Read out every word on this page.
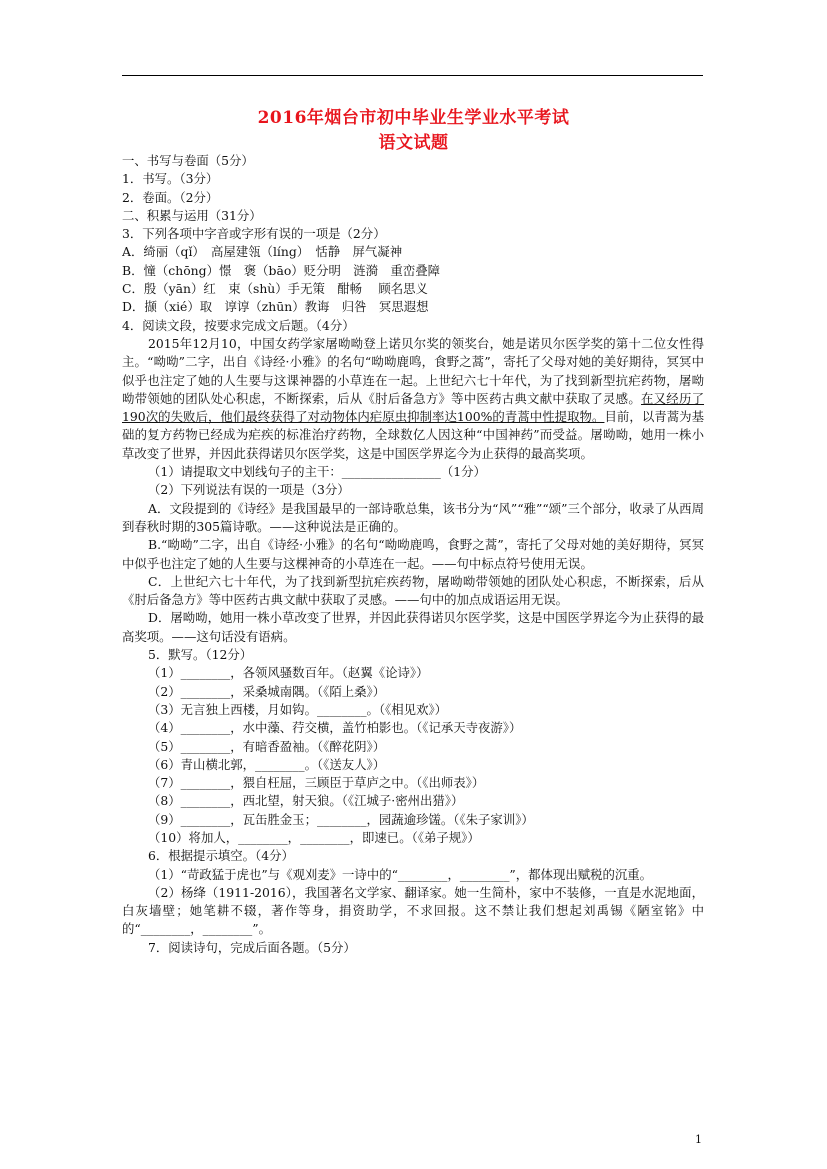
2016年烟台市初中毕业生学业水平考试
语文试题
一、书写与卷面（5分）
1．书写。（3分）
2．卷面。（2分）
二、积累与运用（31分）
3．下列各项中字音或字形有误的一项是（2分）
A．绮丽（qǐ）　高屋建瓴（líng）　恬静　屏气凝神
B．憧（chōng）憬　褒（bāo）贬分明　涟漪　重峦叠障
C．殷（yān）红　束（shù）手无策　酣畅　 顾名思义
D．撷（xié）取　谆谆（zhūn）教诲　归咎　冥思遐想
4．阅读文段，按要求完成文后题。（4分）
2015年12月10，中国女药学家屠呦呦登上诺贝尔奖的领奖台，她是诺贝尔医学奖的第十二位女性得主。“呦呦”二字，出自《诗经·小雅》的名句“呦呦鹿鸣，食野之蒿”，寄托了父母对她的美好期待，冥冥中似乎也注定了她的人生要与这课神器的小草连在一起。上世纪六七十年代，为了找到新型抗疟药物，屠呦呦带领她的团队处心积虑，不断探索，后从《肘后备急方》等中医药古典文献中获取了灵感。在又经历了190次的失败后，他们最终获得了对动物体内疟原虫抑制率达100%的青蒿中性提取物。目前，以青蒿为基础的复方药物已经成为疟疾的标准治疗药物，全球数亿人因这种“中国神药”而受益。屠呦呦，她用一株小草改变了世界，并因此获得诺贝尔医学奖，这是中国医学界迄今为止获得的最高奖项。
（1）请提取文中划线句子的主干：________________（1分）
（2）下列说法有误的一项是（3分）
A．文段提到的《诗经》是我国最早的一部诗歌总集，该书分为“风”“雅”“颂”三个部分，收录了从西周到春秋时期的305篇诗歌。——这种说法是正确的。
B.“呦呦”二字，出自《诗经·小雅》的名句“呦呦鹿鸣，食野之蒿”，寄托了父母对她的美好期待，冥冥中似乎也注定了她的人生要与这棵神奇的小草连在一起。——句中标点符号使用无误。
C．上世纪六七十年代，为了找到新型抗疟疾药物，屠呦呦带领她的团队处心积虑，不断探索，后从《肘后备急方》等中医药古典文献中获取了灵感。——句中的加点成语运用无误。
D．屠呦呦，她用一株小草改变了世界，并因此获得诺贝尔医学奖，这是中国医学界迄今为止获得的最高奖项。——这句话没有语病。
5．默写。（12分）
（1）________，各领风骚数百年。（赵翼《论诗》）
（2）________，采桑城南隅。（《陌上桑》）
（3）无言独上西楼，月如钩。________。（《相见欢》）
（4）________，水中藻、荇交横，盖竹柏影也。（《记承天寺夜游》）
（5）________，有暗香盈袖。（《醉花阴》）
（6）青山横北郭，________。（《送友人》）
（7）________，猥自枉屈，三顾臣于草庐之中。（《出师表》）
（8）________，西北望，射天狼。（《江城子·密州出猎》）
（9）________，瓦缶胜金玉；________，园蔬逾珍馐。（《朱子家训》）
（10）将加人，________，________，即速已。（《弟子规》）
6．根据提示填空。（4分）
（1）“苛政猛于虎也”与《观刈麦》一诗中的“________，________”，都体现出赋税的沉重。
（2）杨绛（1911-2016），我国著名文学家、翻译家。她一生简朴，家中不装修，一直是水泥地面，白灰墙壁；她笔耕不辍，著作等身，捐资助学，不求回报。这不禁让我们想起刘禹锡《陋室铭》中的“________，________”。
7．阅读诗句，完成后面各题。（5分）
1
